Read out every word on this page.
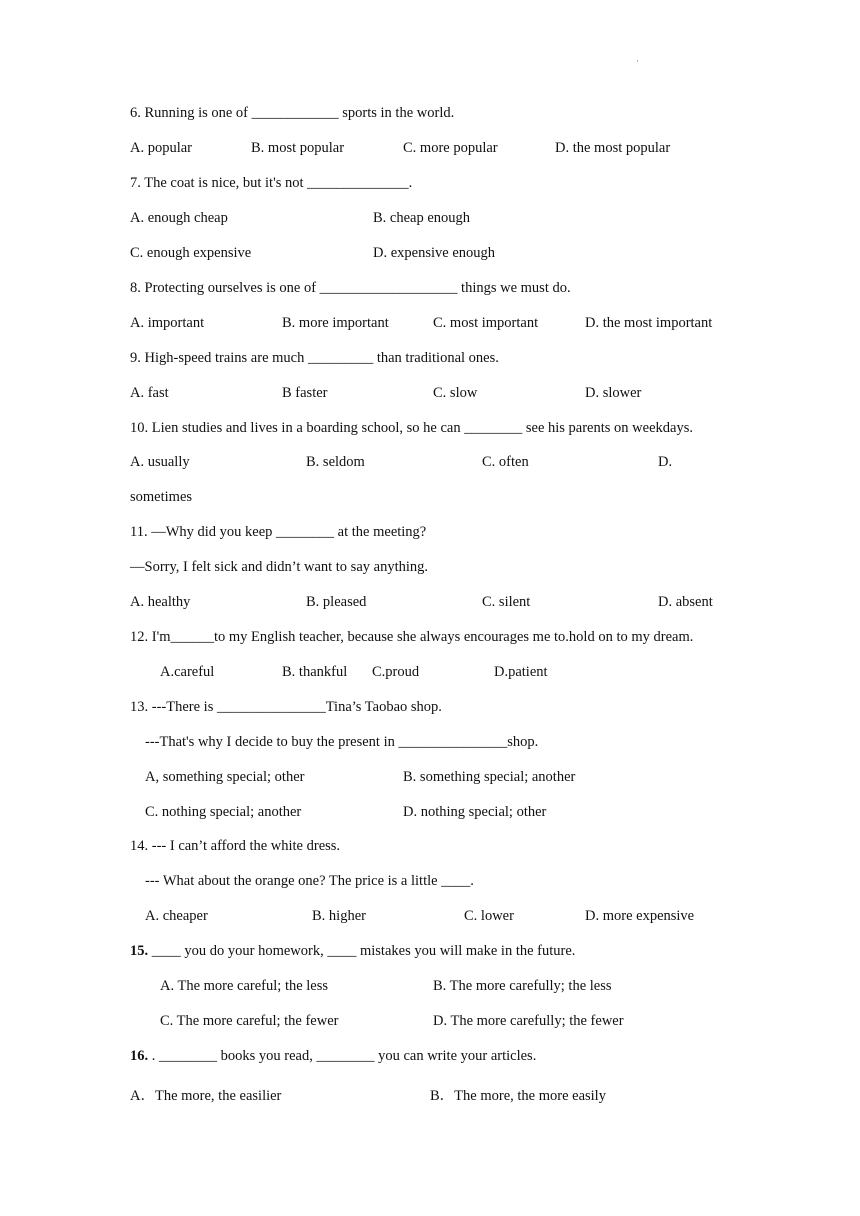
·
6. Running is one of ____________ sports in the world.
A. popular	B. most popular	C. more popular	D. the most popular
7. The coat is nice, but it's not ______________.
A. enough cheap	B. cheap enough
C. enough expensive	D. expensive enough
8. Protecting ourselves is one of ___________________ things we must do.
A. important	B. more important	C. most important	D. the most important
9. High-speed trains are much _________ than traditional ones.
A. fast	B faster	C. slow	D. slower
10. Lien studies and lives in a boarding school, so he can ________ see his parents on weekdays.
A. usually	B. seldom	C. often	D.
sometimes
11. —Why did you keep ________ at the meeting?
—Sorry, I felt sick and didn’t want to say anything.
A. healthy	B. pleased	C. silent	D. absent
12. I'm______to my English teacher, because she always encourages me to.hold on to my dream.
A.careful	B. thankful C.proud	D.patient
13. ---There is _______________Tina’s Taobao shop.
---That's why I decide to buy the present in _______________shop.
A, something special; other	B. something special; another
C. nothing special; another	D. nothing special; other
14. --- I can’t afford the white dress.
--- What about the orange one? The price is a little ____.
A. cheaper	B. higher	C. lower	D. more expensive
15. ____ you do your homework, ____ mistakes you will make in the future.
A. The more careful; the less	B. The more carefully; the less
C. The more careful; the fewer	D. The more carefully; the fewer
16. . ________ books you read, ________ you can write your articles.
A．The more, the easilier	B．The more, the more easily
